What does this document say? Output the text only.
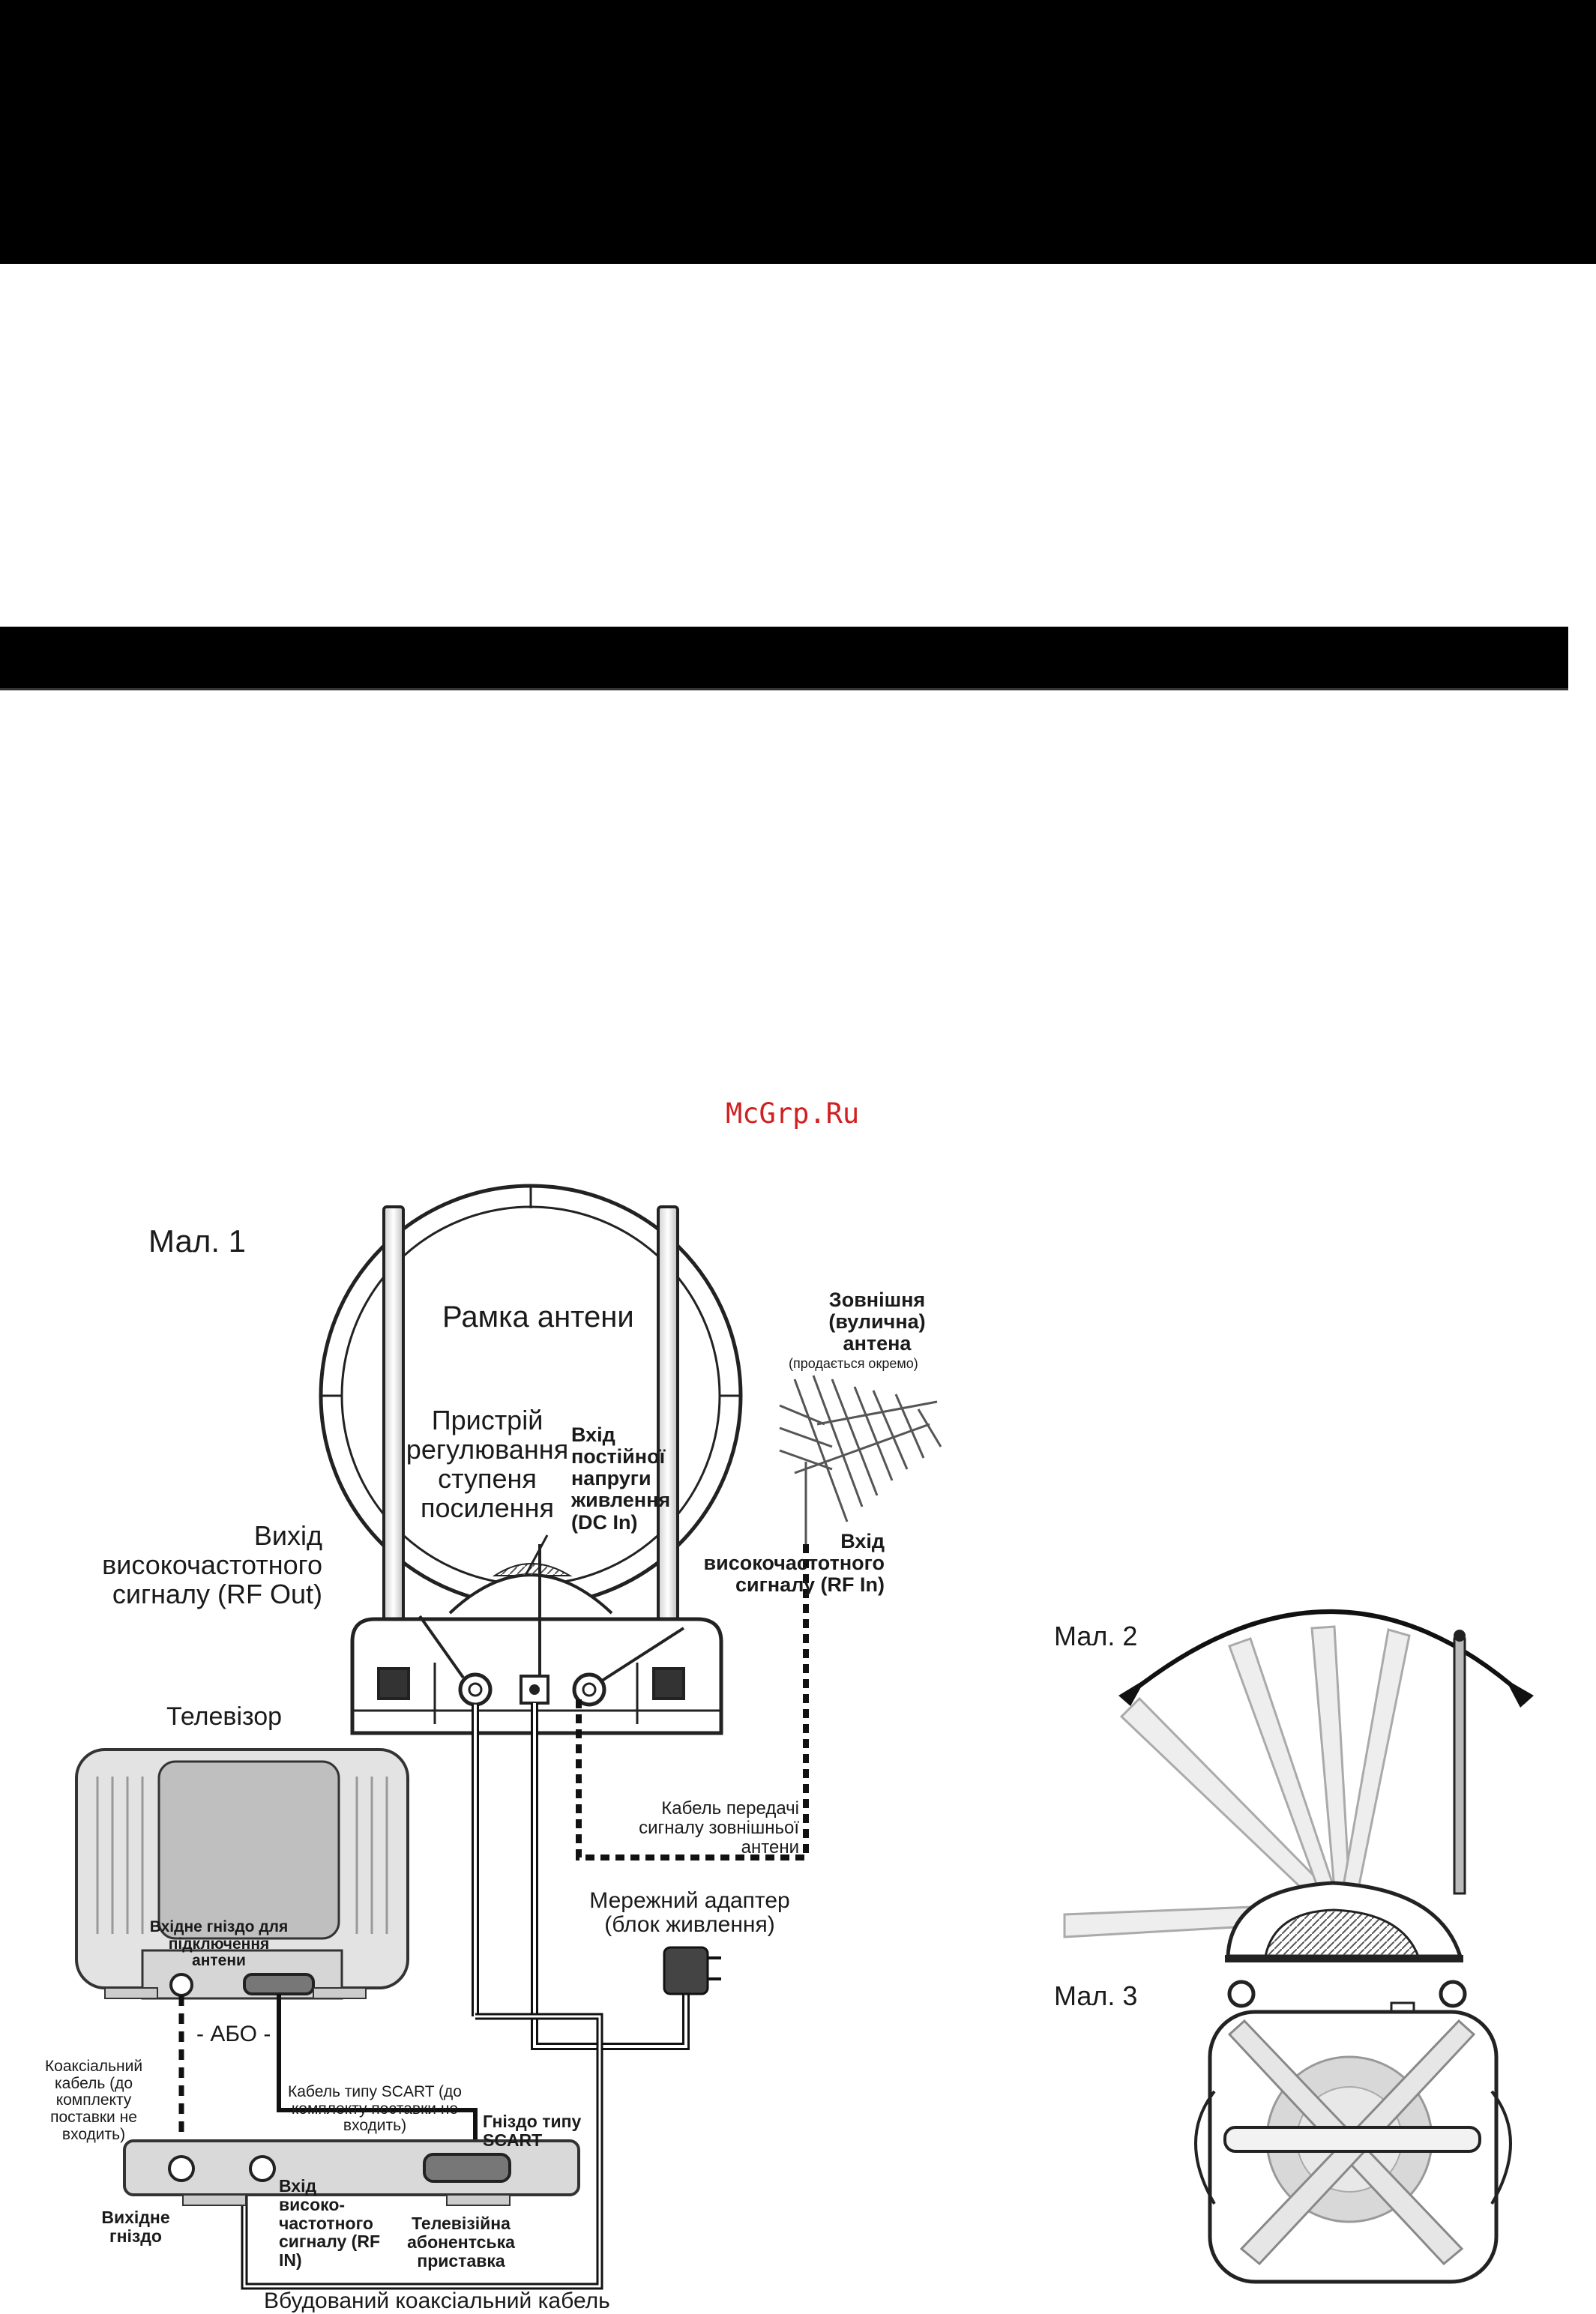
McGrp.Ru
Мал. 1
Рамка антени
Пристрій регулювання ступеня посилення
Вхід постійної напруги живлення (DC In)
Вихід високочастотного сигналу (RF Out)
Зовнішня (вулична) антена
(продається окремо)
Вхід високочастотного сигналу (RF In)
Телевізор
Вхідне гніздо для підключення антени
Кабель передачі сигналу зовнішньої антени
Мережний адаптер (блок живлення)
- АБО -
Коаксіальний кабель (до комплекту поставки не входить)
Кабель типу SCART (до комплекту поставки не входить)	Гніздо типу SCART
Вихідне гніздо
Вхід високо- частотного сигналу (RF IN)
Телевізійна абонентська приставка
Вбудований коаксіальний кабель
Мал. 2
Мал. 3
